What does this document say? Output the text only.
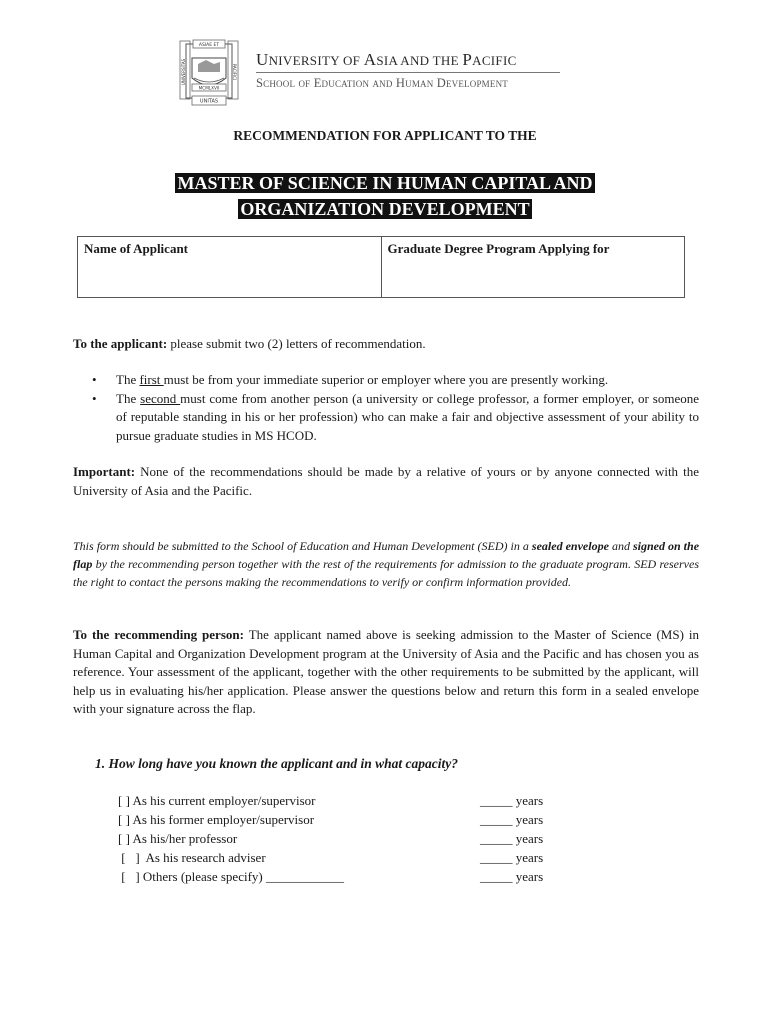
ASIAE ET
UNIVERSITAS	PACIFICI
MCMLXVII
UNITAS
UNIVERSITY OF ASIA AND THE PACIFIC
School of Education and Human Development
RECOMMENDATION FOR APPLICANT TO THE
MASTER OF SCIENCE IN HUMAN CAPITAL AND
ORGANIZATION DEVELOPMENT
Name of Applicant	Graduate Degree Program Applying for
To the applicant: please submit two (2) letters of recommendation.
• The first must be from your immediate superior or employer where you are presently working.
• The second must come from another person (a university or college professor, a former employer, or someone of reputable standing in his or her profession) who can make a fair and objective assessment of your ability to pursue graduate studies in MS HCOD.
Important: None of the recommendations should be made by a relative of yours or by anyone connected with the University of Asia and the Pacific.
This form should be submitted to the School of Education and Human Development (SED) in a sealed envelope and signed on the flap by the recommending person together with the rest of the requirements for admission to the graduate program. SED reserves the right to contact the persons making the recommendations to verify or confirm information provided.
To the recommending person: The applicant named above is seeking admission to the Master of Science (MS) in Human Capital and Organization Development program at the University of Asia and the Pacific and has chosen you as reference. Your assessment of the applicant, together with the other requirements to be submitted by the applicant, will help us in evaluating his/her application. Please answer the questions below and return this form in a sealed envelope with your signature across the flap.
1. How long have you known the applicant and in what capacity?
[ ] As his current employer/supervisor
[ ] As his former employer/supervisor
[ ] As his/her professor
[   ]  As his research adviser
[   ] Others (please specify) ____________
_____ years
_____ years
_____ years
_____ years
_____ years
